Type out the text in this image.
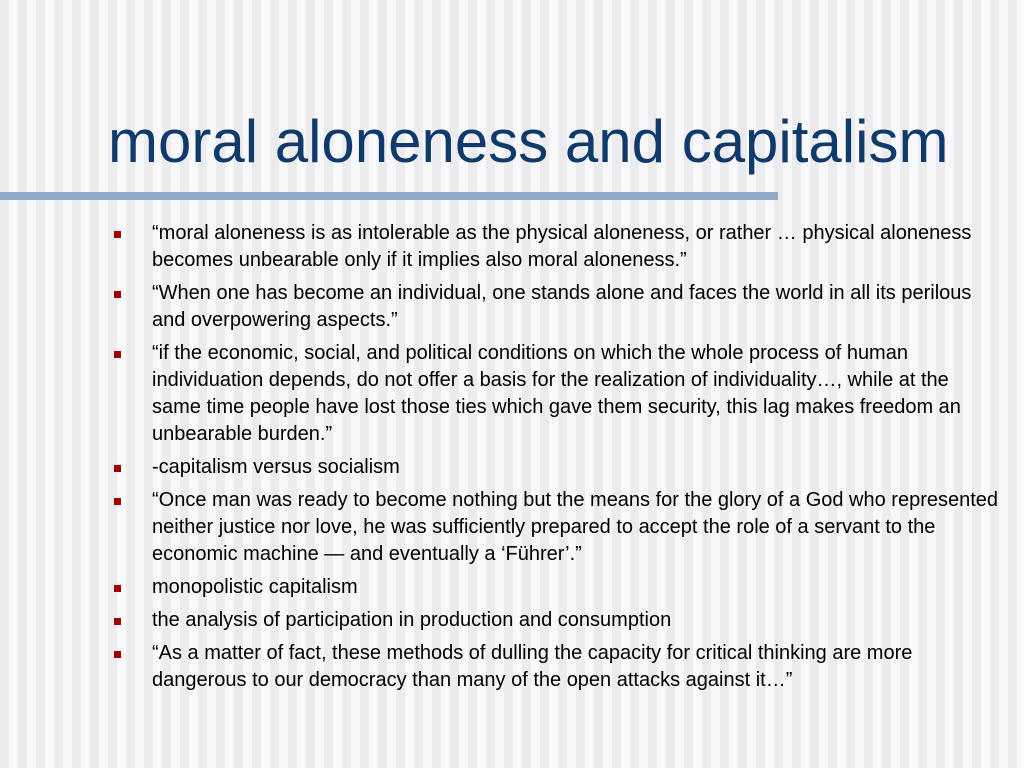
moral aloneness and capitalism
“moral aloneness is as intolerable as the physical aloneness, or rather … physical aloneness becomes unbearable only if it implies also moral aloneness.”
“When one has become an individual, one stands alone and faces the world in all its perilous and overpowering aspects.”
“if the economic, social, and political conditions on which the whole process of human individuation depends, do not offer a basis for the realization of individuality…, while at the same time people have lost those ties which gave them security, this lag makes freedom an unbearable burden.”
-capitalism versus socialism
“Once man was ready to become nothing but the means for the glory of a God who represented neither justice nor love, he was sufficiently prepared to accept the role of a servant to the economic machine — and eventually a ‘Führer’.”
monopolistic capitalism
the analysis of participation in production and consumption
“As a matter of fact, these methods of dulling the capacity for critical thinking are more dangerous to our democracy than many of the open attacks against it…”
